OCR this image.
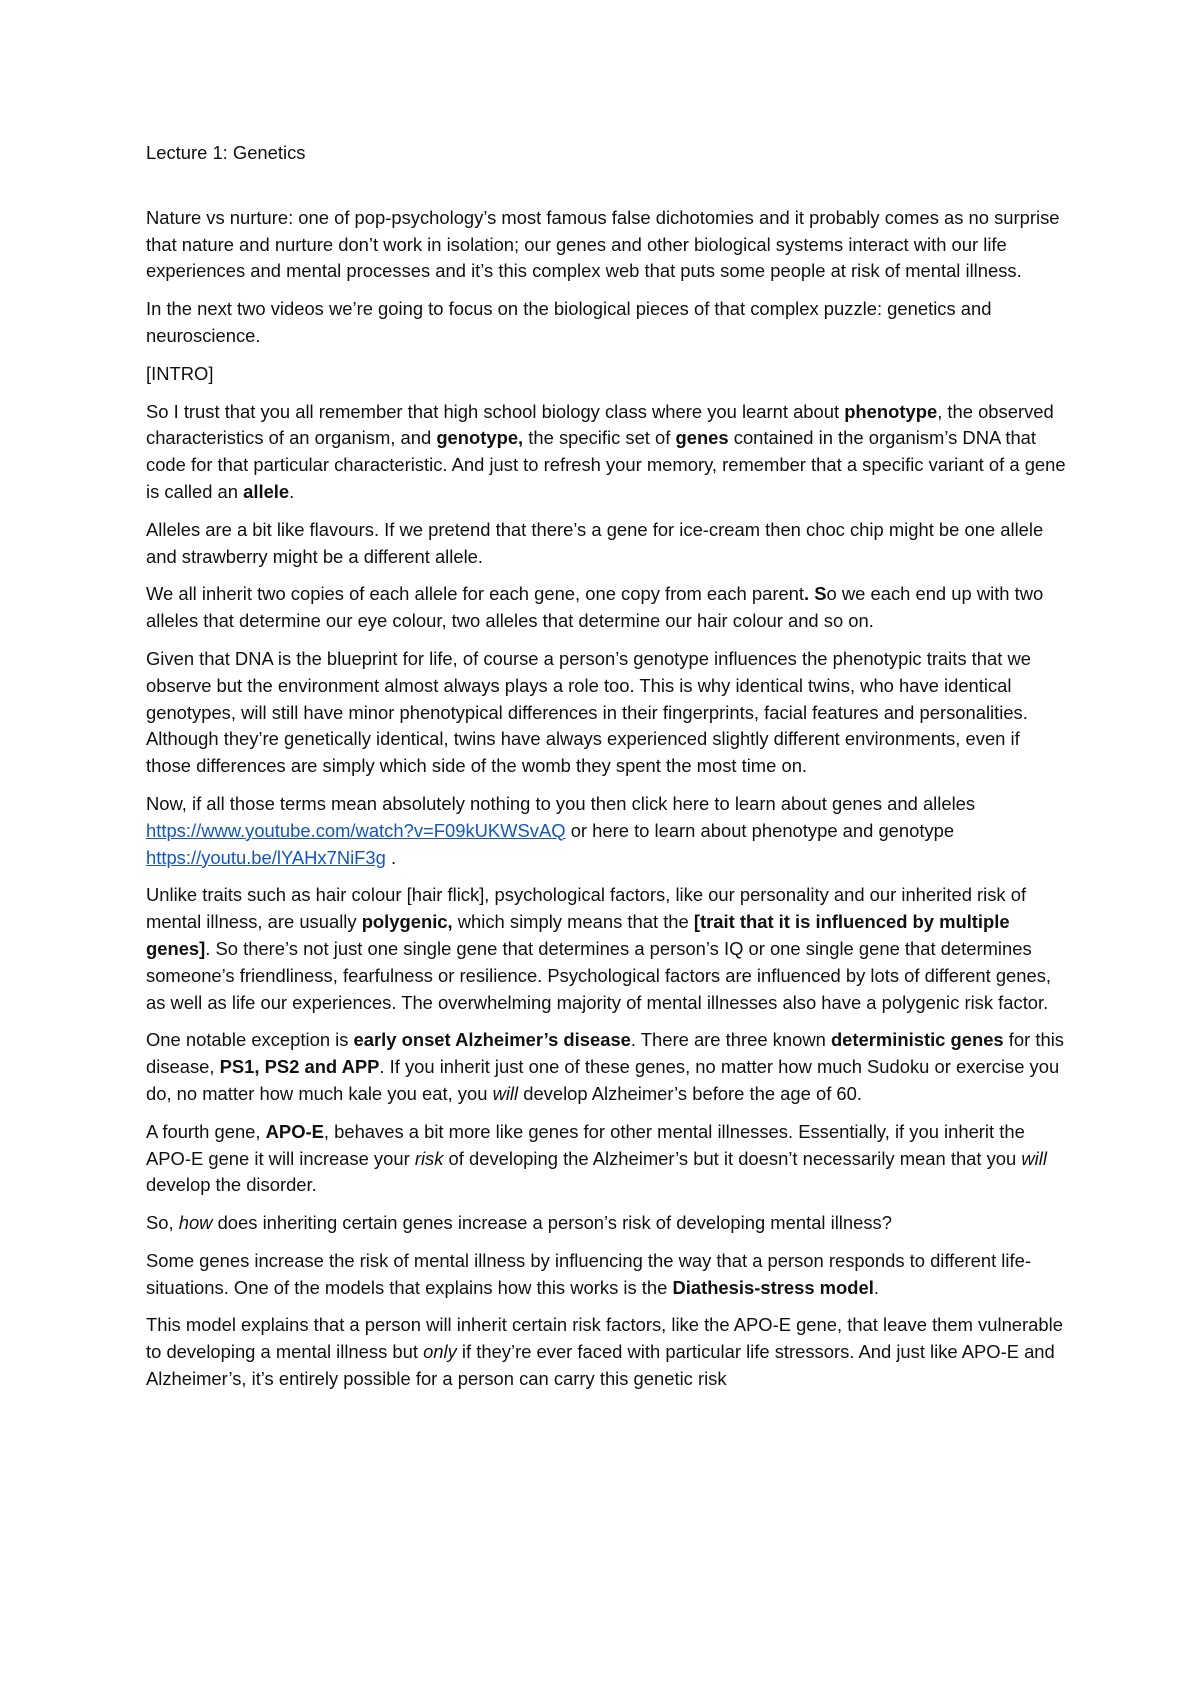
Lecture 1: Genetics

Nature vs nurture: one of pop-psychology’s most famous false dichotomies and it probably comes as no surprise that nature and nurture don’t work in isolation; our genes and other biological systems interact with our life experiences and mental processes and it’s this complex web that puts some people at risk of mental illness.

In the next two videos we’re going to focus on the biological pieces of that complex puzzle: genetics and neuroscience.

[INTRO]

So I trust that you all remember that high school biology class where you learnt about phenotype, the observed characteristics of an organism, and genotype, the specific set of genes contained in the organism’s DNA that code for that particular characteristic. And just to refresh your memory, remember that a specific variant of a gene is called an allele.

Alleles are a bit like flavours. If we pretend that there’s a gene for ice-cream then choc chip might be one allele and strawberry might be a different allele.

We all inherit two copies of each allele for each gene, one copy from each parent. So we each end up with two alleles that determine our eye colour, two alleles that determine our hair colour and so on.

Given that DNA is the blueprint for life, of course a person’s genotype influences the phenotypic traits that we observe but the environment almost always plays a role too. This is why identical twins, who have identical genotypes, will still have minor phenotypical differences in their fingerprints, facial features and personalities. Although they’re genetically identical, twins have always experienced slightly different environments, even if those differences are simply which side of the womb they spent the most time on.

Now, if all those terms mean absolutely nothing to you then click here to learn about genes and alleles https://www.youtube.com/watch?v=F09kUKWSvAQ or here to learn about phenotype and genotype https://youtu.be/lYAHx7NiF3g .

Unlike traits such as hair colour [hair flick], psychological factors, like our personality and our inherited risk of mental illness, are usually polygenic, which simply means that the [trait that it is influenced by multiple genes]. So there’s not just one single gene that determines a person’s IQ or one single gene that determines someone’s friendliness, fearfulness or resilience. Psychological factors are influenced by lots of different genes, as well as life our experiences. The overwhelming majority of mental illnesses also have a polygenic risk factor.

One notable exception is early onset Alzheimer’s disease. There are three known deterministic genes for this disease, PS1, PS2 and APP. If you inherit just one of these genes, no matter how much Sudoku or exercise you do, no matter how much kale you eat, you will develop Alzheimer’s before the age of 60.

A fourth gene, APO-E, behaves a bit more like genes for other mental illnesses. Essentially, if you inherit the APO-E gene it will increase your risk of developing the Alzheimer’s but it doesn’t necessarily mean that you will develop the disorder.

So, how does inheriting certain genes increase a person’s risk of developing mental illness?

Some genes increase the risk of mental illness by influencing the way that a person responds to different life-situations. One of the models that explains how this works is the Diathesis-stress model.

This model explains that a person will inherit certain risk factors, like the APO-E gene, that leave them vulnerable to developing a mental illness but only if they’re ever faced with particular life stressors. And just like APO-E and Alzheimer’s, it’s entirely possible for a person can carry this genetic risk
